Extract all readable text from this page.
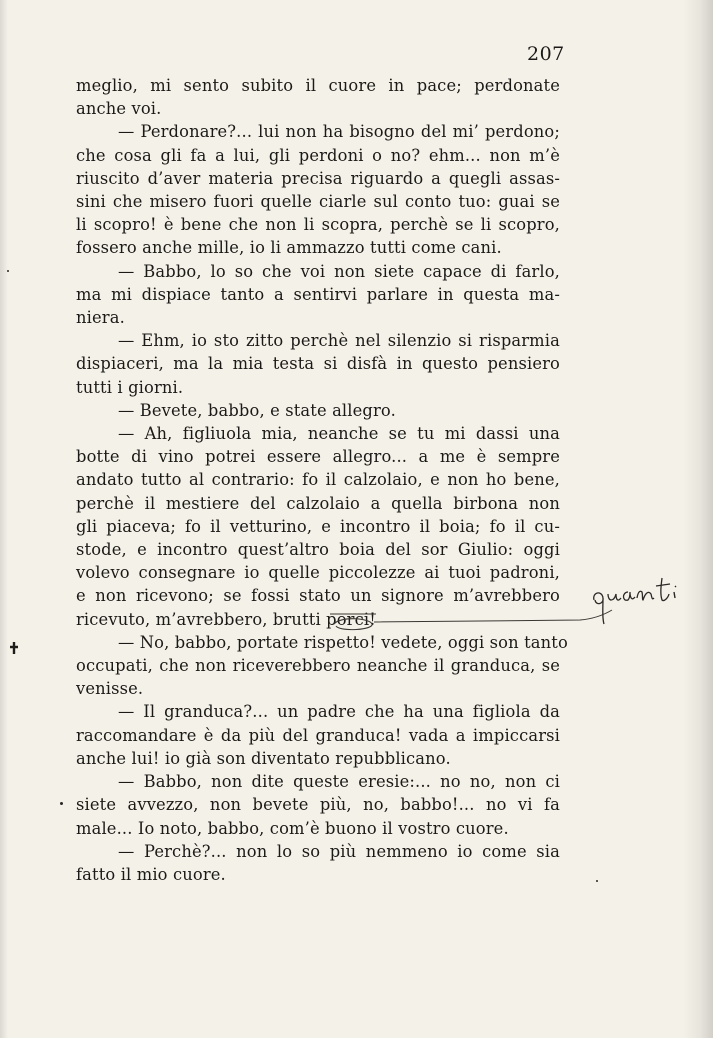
207
meglio, mi sento subito il cuore in pace; perdonate
anche voi.
— Perdonare?... lui non ha bisogno del mi’ perdono;
che cosa gli fa a lui, gli perdoni o no? ehm... non m’è
riuscito d’aver materia precisa riguardo a quegli assas-
sini che misero fuori quelle ciarle sul conto tuo: guai se
li scopro! è bene che non li scopra, perchè se li scopro,
fossero anche mille, io li ammazzo tutti come cani.
— Babbo, lo so che voi non siete capace di farlo,
ma mi dispiace tanto a sentirvi parlare in questa ma-
niera.
— Ehm, io sto zitto perchè nel silenzio si risparmia
dispiaceri, ma la mia testa si disfà in questo pensiero
tutti i giorni.
— Bevete, babbo, e state allegro.
— Ah, figliuola mia, neanche se tu mi dassi una
botte di vino potrei essere allegro... a me è sempre
andato tutto al contrario: fo il calzolaio, e non ho bene,
perchè il mestiere del calzolaio a quella birbona non
gli piaceva; fo il vetturino, e incontro il boia; fo il cu-
stode, e incontro quest’altro boia del sor Giulio: oggi
volevo consegnare io quelle piccolezze ai tuoi padroni,
e non ricevono; se fossi stato un signore m’avrebbero
ricevuto, m’avrebbero, brutti porci!
— No, babbo, portate rispetto! vedete, oggi son tanto
occupati, che non riceverebbero neanche il granduca, se
venisse.
— Il granduca?... un padre che ha una figliola da
raccomandare è da più del granduca! vada a impiccarsi
anche lui! io già son diventato repubblicano.
— Babbo, non dite queste eresie:... no no, non ci
siete avvezzo, non bevete più, no, babbo!... no vi fa
male... Io noto, babbo, com’è buono il vostro cuore.
— Perchè?... non lo so più nemmeno io come sia
fatto il mio cuore.
